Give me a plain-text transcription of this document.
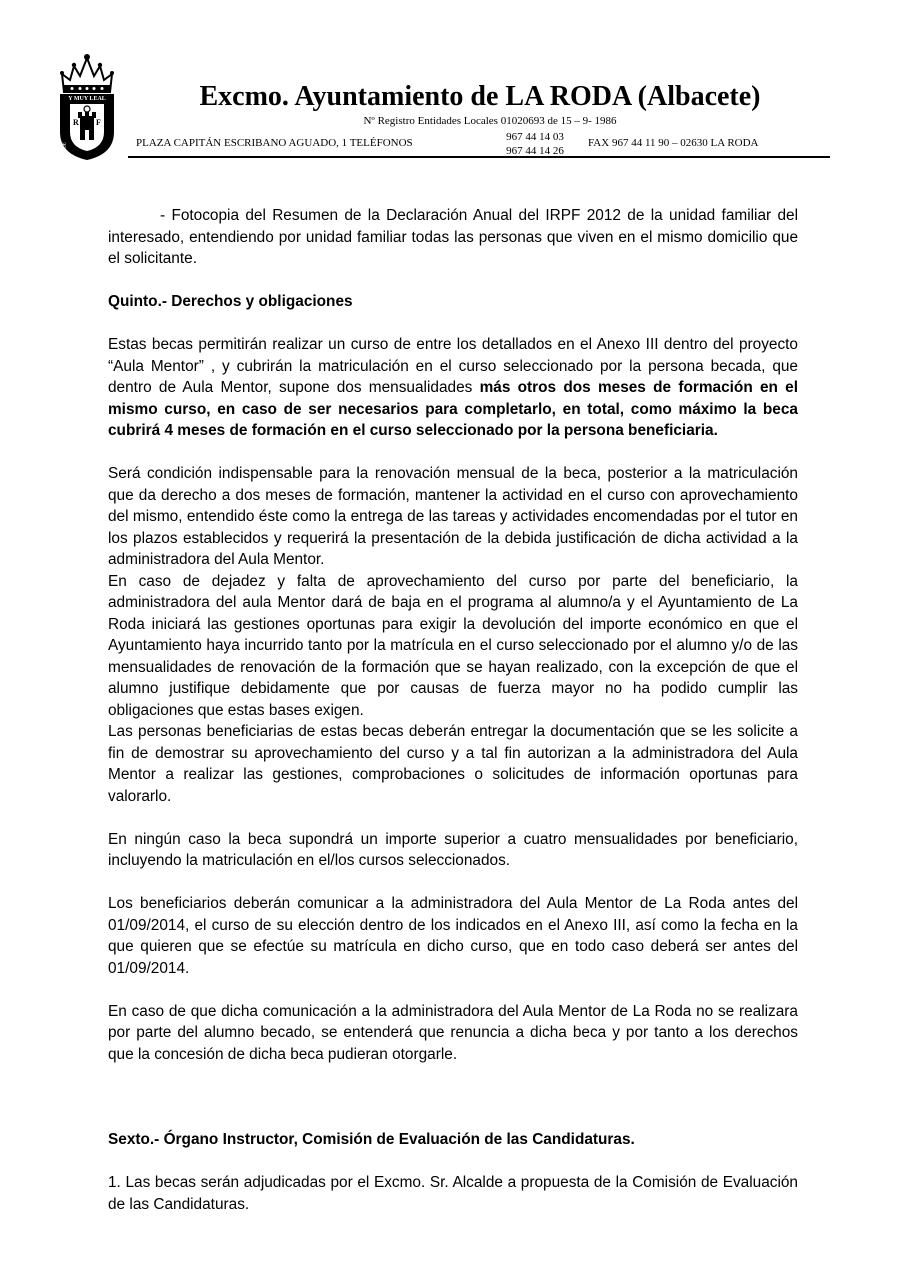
Y MUY LEAL
MUY NOBLE	VILLA DE
LA RODA
R F
Excmo. Ayuntamiento de LA RODA (Albacete)
Nº Registro Entidades Locales 01020693 de 15 – 9- 1986
PLAZA CAPITÁN ESCRIBANO AGUADO, 1 TELÉFONOS	967 44 14 03
967 44 14 26
FAX 967 44 11 90 – 02630 LA RODA

- Fotocopia del Resumen de la Declaración Anual del IRPF 2012 de la unidad familiar del interesado, entendiendo por unidad familiar todas las personas que viven en el mismo domicilio que el solicitante.

Quinto.- Derechos y obligaciones

Estas becas permitirán realizar un curso de entre los detallados en el Anexo III dentro del proyecto “Aula Mentor” , y cubrirán la matriculación en el curso seleccionado por la persona becada, que dentro de Aula Mentor, supone dos mensualidades más otros dos meses de formación en el mismo curso, en caso de ser necesarios para completarlo, en total, como máximo la beca cubrirá 4 meses de formación en el curso seleccionado por la persona beneficiaria.

Será condición indispensable para la renovación mensual de la beca, posterior a la matriculación que da derecho a dos meses de formación, mantener la actividad en el curso con aprovechamiento del mismo, entendido éste como la entrega de las tareas y actividades encomendadas por el tutor en los plazos establecidos y requerirá la presentación de la debida justificación de dicha actividad a la administradora del Aula Mentor.

En caso de dejadez y falta de aprovechamiento del curso por parte del beneficiario, la administradora del aula Mentor dará de baja en el programa al alumno/a y el Ayuntamiento de La Roda iniciará las gestiones oportunas para exigir la devolución del importe económico en que el Ayuntamiento haya incurrido tanto por la matrícula en el curso seleccionado por el alumno y/o de las mensualidades de renovación de la formación que se hayan realizado, con la excepción de que el alumno justifique debidamente que por causas de fuerza mayor no ha podido cumplir las obligaciones que estas bases exigen.

Las personas beneficiarias de estas becas deberán entregar la documentación que se les solicite a fin de demostrar su aprovechamiento del curso y a tal fin autorizan a la administradora del Aula Mentor a realizar las gestiones, comprobaciones o solicitudes de información oportunas para valorarlo.

En ningún caso la beca supondrá un importe superior a cuatro mensualidades por beneficiario, incluyendo la matriculación en el/los cursos seleccionados.

Los beneficiarios deberán comunicar a la administradora del Aula Mentor de La Roda antes del 01/09/2014, el curso de su elección dentro de los indicados en el Anexo III, así como la fecha en la que quieren que se efectúe su matrícula en dicho curso, que en todo caso deberá ser antes del 01/09/2014.

En caso de que dicha comunicación a la administradora del Aula Mentor de La Roda no se realizara por parte del alumno becado, se entenderá que renuncia a dicha beca y por tanto a los derechos que la concesión de dicha beca pudieran otorgarle.

Sexto.- Órgano Instructor, Comisión de Evaluación de las Candidaturas.

1. Las becas serán adjudicadas por el Excmo. Sr. Alcalde a propuesta de la Comisión de Evaluación de las Candidaturas.
